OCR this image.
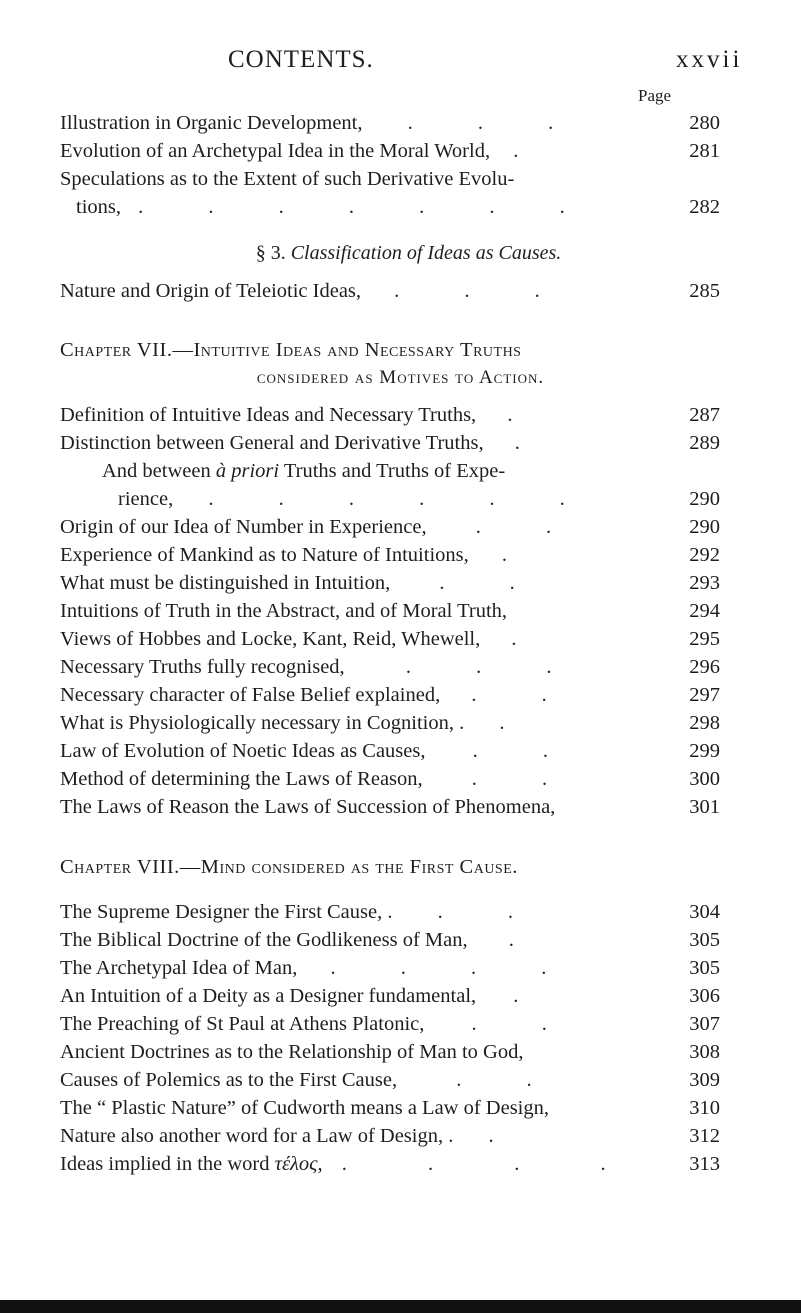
CONTENTS.	xxvii
Page
Illustration in Organic Development, . . .	280
Evolution of an Archetypal Idea in the Moral World, .	281
Speculations as to the Extent of such Derivative Evolu-
tions, . . . . . . .	282
§ 3. Classification of Ideas as Causes.
Nature and Origin of Teleiotic Ideas, . . .	285
Chapter VII.—Intuitive Ideas and Necessary Truths
considered as Motives to Action.
Definition of Intuitive Ideas and Necessary Truths, .	287
Distinction between General and Derivative Truths, .	289
And between à priori Truths and Truths of Expe-
rience, . . . . . .	290
Origin of our Idea of Number in Experience, . .	290
Experience of Mankind as to Nature of Intuitions, .	292
What must be distinguished in Intuition, . .	293
Intuitions of Truth in the Abstract, and of Moral Truth,	294
Views of Hobbes and Locke, Kant, Reid, Whewell, .	295
Necessary Truths fully recognised,	. . .	296
Necessary character of False Belief explained, . .	297
What is Physiologically necessary in Cognition, . .	298
Law of Evolution of Noetic Ideas as Causes, . .	299
Method of determining the Laws of Reason, . .	300
The Laws of Reason the Laws of Succession of Phenomena,	301
Chapter VIII.—Mind considered as the First Cause.
The Supreme Designer the First Cause, . . .	304
The Biblical Doctrine of the Godlikeness of Man, .	305
The Archetypal Idea of Man, . . . .	305
An Intuition of a Deity as a Designer fundamental, .	306
The Preaching of St Paul at Athens Platonic, . .	307
Ancient Doctrines as to the Relationship of Man to God,	308
Causes of Polemics as to the First Cause,	. .	309
The “ Plastic Nature” of Cudworth means a Law of Design,	310
Nature also another word for a Law of Design, . .	312
Ideas implied in the word τέλος, . . . .	313
